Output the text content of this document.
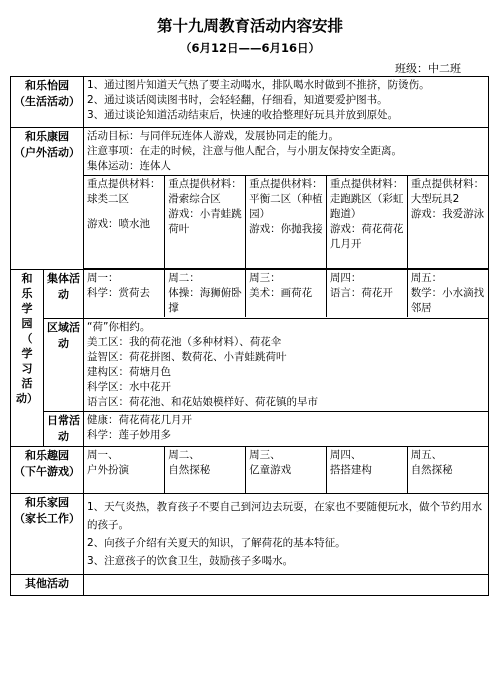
第十九周教育活动内容安排
（6月12日——6月16日）
班级：中二班
和乐怡园
（生活活动）

1、通过图片知道天气热了要主动喝水，排队喝水时做到不推挤，防烫伤。
2、通过谈话阅读图书时，会轻轻翻，仔细看，知道要爱护图书。
3、通过谈论知道活动结束后，快速的收拾整理好玩具并放到原处。

和乐康园
（户外活动）

活动目标：与同伴玩连体人游戏，发展协同走的能力。
注意事项：在走的时候，注意与他人配合，与小朋友保持安全距离。
集体运动：连体人
重点提供材料：球类二区
游戏：喷水池

重点提供材料：滑索综合区
游戏：小青蛙跳荷叶

重点提供材料：平衡二区（种植园）
游戏：你抛我接

重点提供材料：走跑跳区（彩虹跑道）
游戏：荷花荷花几月开

重点提供材料：大型玩具2
游戏：我爱游泳

和
乐
学
园
（
学
习
活
动）
	集体活动	
周一：
科学：赏荷去

周二：
体操：海狮俯卧撑

周三：
美术：画荷花

周四：
语言：荷花开

周五：
数学：小水滴找邻居

区域活动	
“荷”你相约。
美工区：我的荷花池（多种材料）、荷花伞
益智区：荷花拼图、数荷花、小青蛙跳荷叶
建构区：荷塘月色
科学区：水中花开
语言区：荷花池、和花姑娘模样好、荷花镇的早市

日常活动	
健康：荷花荷花几月开
科学：莲子妙用多

和乐趣园
（下午游戏）

周一、
户外扮演

周二、
自然探秘

周三、
亿童游戏

周四、
搭搭建构

周五、
自然探秘

和乐家园
（家长工作）

1、天气炎热，教育孩子不要自己到河边去玩耍，在家也不要随便玩水，做个节约用水的孩子。
2、向孩子介绍有关夏天的知识，了解荷花的基本特征。
3、注意孩子的饮食卫生，鼓励孩子多喝水。

其他活动	
